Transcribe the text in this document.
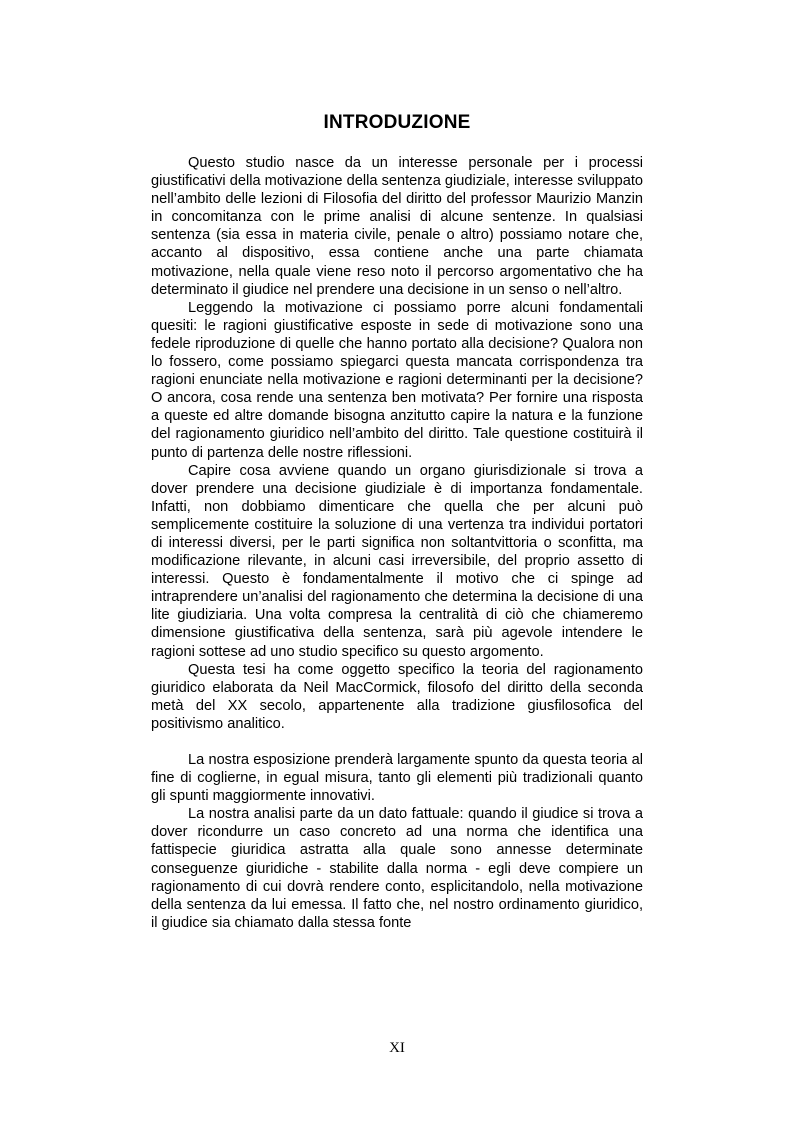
INTRODUZIONE

Questo studio nasce da un interesse personale per i processi giustificativi della motivazione della sentenza giudiziale, interesse sviluppato nell’ambito delle lezioni di Filosofia del diritto del professor Maurizio Manzin in concomitanza con le prime analisi di alcune sentenze. In qualsiasi sentenza (sia essa in materia civile, penale o altro) possiamo notare che, accanto al dispositivo, essa contiene anche una parte chiamata motivazione, nella quale viene reso noto il percorso argomentativo che ha determinato il giudice nel prendere una decisione in un senso o nell’altro.

Leggendo la motivazione ci possiamo porre alcuni fondamentali quesiti: le ragioni giustificative esposte in sede di motivazione sono una fedele riproduzione di quelle che hanno portato alla decisione? Qualora non lo fossero, come possiamo spiegarci questa mancata corrispondenza tra ragioni enunciate nella motivazione e ragioni determinanti per la decisione? O ancora, cosa rende una sentenza ben motivata? Per fornire una risposta a queste ed altre domande bisogna anzitutto capire la natura e la funzione del ragionamento giuridico nell’ambito del diritto. Tale questione costituirà il punto di partenza delle nostre riflessioni.

Capire cosa avviene quando un organo giurisdizionale si trova a dover prendere una decisione giudiziale è di importanza fondamentale. Infatti, non dobbiamo dimenticare che quella che per alcuni può semplicemente costituire la soluzione di una vertenza tra individui portatori di interessi diversi, per le parti significa non soltantvittoria o sconfitta, ma modificazione rilevante, in alcuni casi irreversibile, del proprio assetto di interessi. Questo è fondamentalmente il motivo che ci spinge ad intraprendere un’analisi del ragionamento che determina la decisione di una lite giudiziaria. Una volta compresa la centralità di ciò che chiameremo dimensione giustificativa della sentenza, sarà più agevole intendere le ragioni sottese ad uno studio specifico su questo argomento.

Questa tesi ha come oggetto specifico la teoria del ragionamento giuridico elaborata da Neil MacCormick, filosofo del diritto della seconda metà del XX secolo, appartenente alla tradizione giusfilosofica del positivismo analitico.

La nostra esposizione prenderà largamente spunto da questa teoria al fine di coglierne, in egual misura, tanto gli elementi più tradizionali quanto gli spunti maggiormente innovativi.

La nostra analisi parte da un dato fattuale: quando il giudice si trova a dover ricondurre un caso concreto ad una norma che identifica una fattispecie giuridica astratta alla quale sono annesse determinate conseguenze giuridiche - stabilite dalla norma - egli deve compiere un ragionamento di cui dovrà rendere conto, esplicitandolo, nella motivazione della sentenza da lui emessa. Il fatto che, nel nostro ordinamento giuridico, il giudice sia chiamato dalla stessa fonte

XI
